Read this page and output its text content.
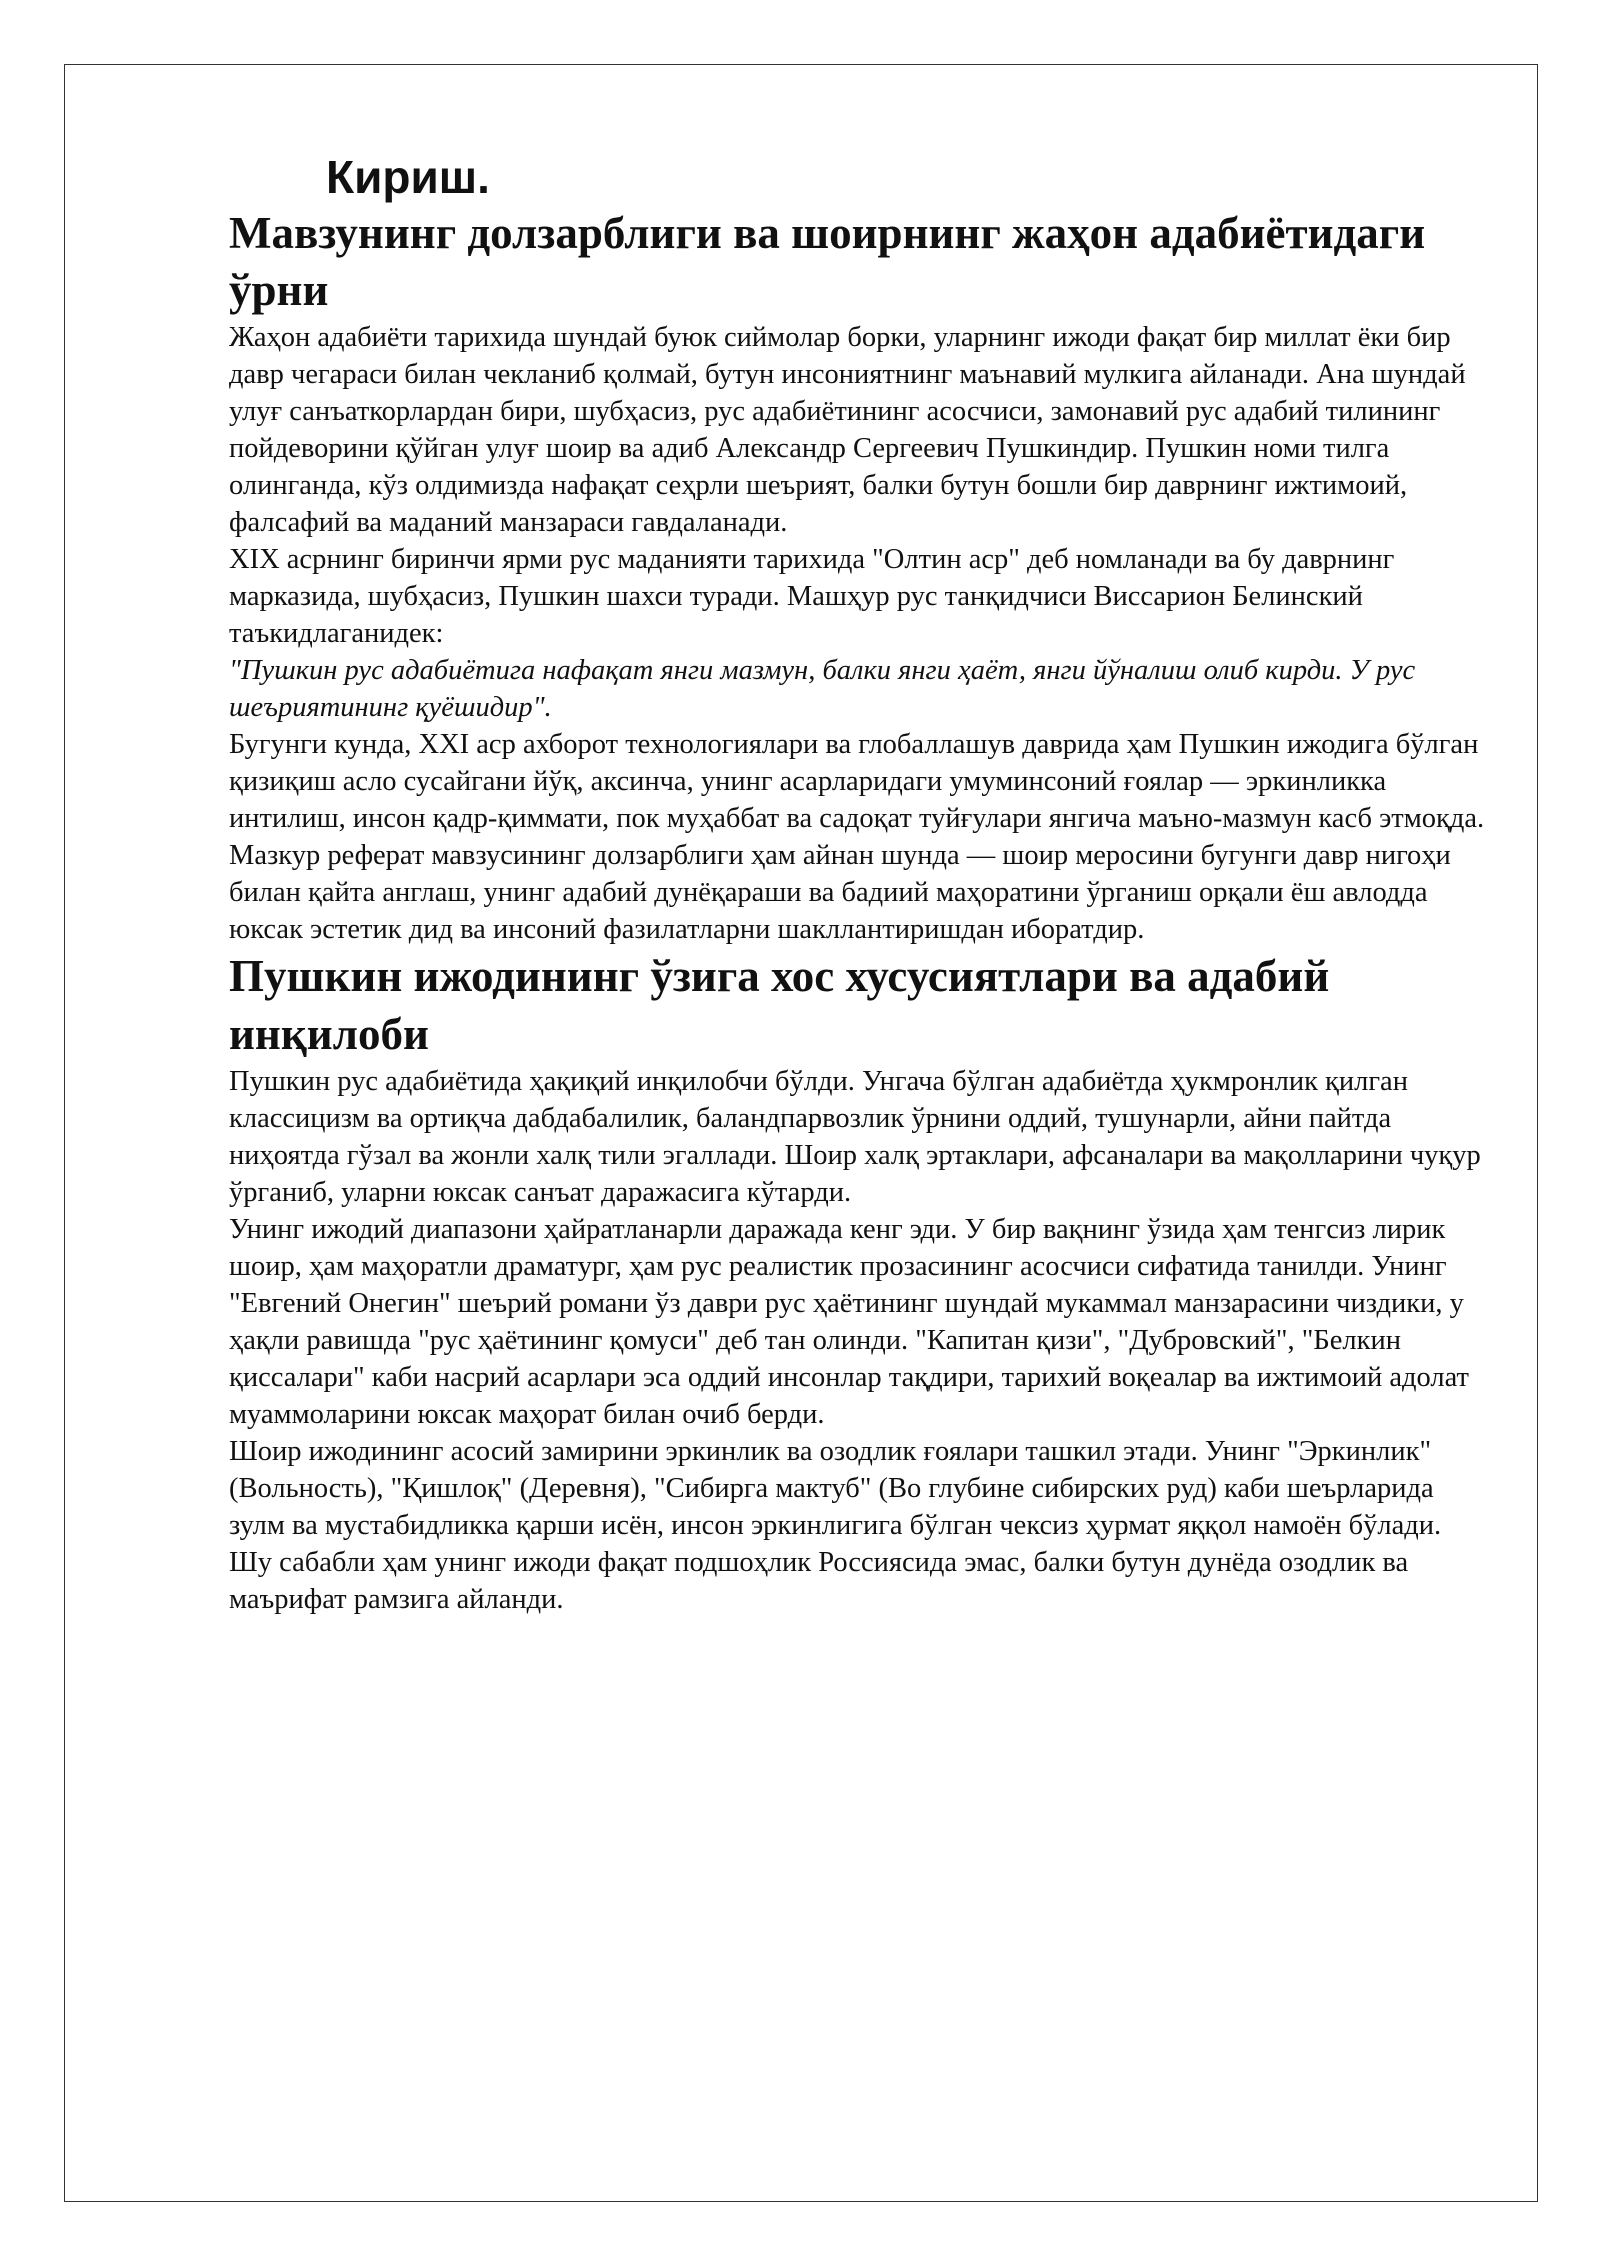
Кириш.
Мавзунинг долзарблиги ва шоирнинг жаҳон адабиётидаги ўрни

Жаҳон адабиёти тарихида шундай буюк сиймолар борки, уларнинг ижоди фақат бир миллат ёки бир давр чегараси билан чекланиб қолмай, бутун инсониятнинг маънавий мулкига айланади. Ана шундай улуғ санъаткорлардан бири, шубҳасиз, рус адабиётининг асосчиси, замонавий рус адабий тилининг пойдеворини қўйган улуғ шоир ва адиб Александр Сергеевич Пушкиндир. Пушкин номи тилга олинганда, кўз олдимизда нафақат сеҳрли шеърият, балки бутун бошли бир даврнинг ижтимоий, фалсафий ва маданий манзараси гавдаланади.

XIX асрнинг биринчи ярми рус маданияти тарихида "Олтин аср" деб номланади ва бу даврнинг марказида, шубҳасиз, Пушкин шахси туради. Машҳур рус танқидчиси Виссарион Белинский таъкидлаганидек:

"Пушкин рус адабиётига нафақат янги мазмун, балки янги ҳаёт, янги йўналиш олиб кирди. У рус шеъриятининг қуёшидир".

Бугунги кунда, XXI аср ахборот технологиялари ва глобаллашув даврида ҳам Пушкин ижодига бўлган қизиқиш асло сусайгани йўқ, аксинча, унинг асарларидаги умуминсоний ғоялар — эркинликка интилиш, инсон қадр-қиммати, пок муҳаббат ва садоқат туйғулари янгича маъно-мазмун касб этмоқда. Мазкур реферат мавзусининг долзарблиги ҳам айнан шунда — шоир меросини бугунги давр нигоҳи билан қайта англаш, унинг адабий дунёқараши ва бадиий маҳоратини ўрганиш орқали ёш авлодда юксак эстетик дид ва инсоний фазилатларни шакллантиришдан иборатдир.

Пушкин ижодининг ўзига хос хусусиятлари ва адабий инқилоби

Пушкин рус адабиётида ҳақиқий инқилобчи бўлди. Унгача бўлган адабиётда ҳукмронлик қилган классицизм ва ортиқча дабдабалилик, баландпарвозлик ўрнини оддий, тушунарли, айни пайтда ниҳоятда гўзал ва жонли халқ тили эгаллади. Шоир халқ эртаклари, афсаналари ва мақолларини чуқур ўрганиб, уларни юксак санъат даражасига кўтарди.

Унинг ижодий диапазони ҳайратланарли даражада кенг эди. У бир вақнинг ўзида ҳам тенгсиз лирик шоир, ҳам маҳоратли драматург, ҳам рус реалистик прозасининг асосчиси сифатида танилди. Унинг "Евгений Онегин" шеърий романи ўз даври рус ҳаётининг шундай мукаммал манзарасини чиздики, у ҳақли равишда "рус ҳаётининг қомуси" деб тан олинди. "Капитан қизи", "Дубровский", "Белкин қиссалари" каби насрий асарлари эса оддий инсонлар тақдири, тарихий воқеалар ва ижтимоий адолат муаммоларини юксак маҳорат билан очиб берди.

Шоир ижодининг асосий замирини эркинлик ва озодлик ғоялари ташкил этади. Унинг "Эркинлик" (Вольность), "Қишлоқ" (Деревня), "Сибирга мактуб" (Во глубине сибирских руд) каби шеърларида зулм ва мустабидликка қарши исён, инсон эркинлигига бўлган чексиз ҳурмат яққол намоён бўлади. Шу сабабли ҳам унинг ижоди фақат подшоҳлик Россиясида эмас, балки бутун дунёда озодлик ва маърифат рамзига айланди.
